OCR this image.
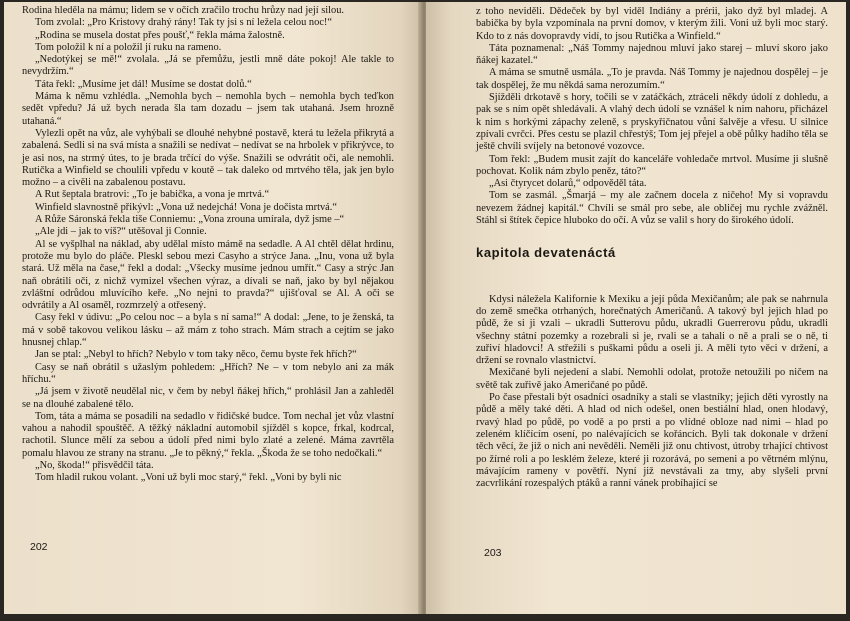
Rodina hleděla na mámu; lidem se v očích zračilo trochu hrůzy nad její silou.

Tom zvolal: „Pro Kristovy drahý rány! Tak ty jsi s ní ležela celou noc!“

„Rodina se musela dostat přes poušť,“ řekla máma žalostně.

Tom položil k ní a položil jí ruku na rameno.

„Nedotýkej se mě!“ zvolala. „Já se přemůžu, jestli mně dáte pokoj! Ale takle to nevydržím.“

Táta řekl: „Musíme jet dál! Musíme se dostat dolů.“

Máma k němu vzhlédla. „Nemohla bych – nemohla bych – nemohla bych teďkon sedět vpředu? Já už bych nerada šla tam dozadu – jsem tak utahaná. Jsem hrozně utahaná.“

Vylezli opět na vůz, ale vyhýbali se dlouhé nehybné postavě, která tu ležela přikrytá a zabalená. Sedli si na svá místa a snažili se nedívat – nedívat se na hrbolek v přikrývce, to je asi nos, na strmý útes, to je brada trčící do výše. Snažili se odvrátit oči, ale nemohli. Rutička a Winfield se choulili vpředu v koutě – tak daleko od mrtvého těla, jak jen bylo možno – a civěli na zabalenou postavu.

A Rut šeptala bratrovi: „To je babička, a vona je mrtvá.“

Winfield slavnostně přikývl: „Vona už nedejchá! Vona je dočista mrtvá.“

A Růže Sáronská řekla tiše Conniemu: „Vona zrouna umírala, dyž jsme –“

„Ale jdi – jak to víš?“ utěšoval ji Connie.

Al se vyšplhal na náklad, aby udělal místo mámě na sedadle. A Al chtěl dělat hrdinu, protože mu bylo do pláče. Pleskl sebou mezi Casyho a strýce Jana. „Inu, vona už byla stará. Už měla na čase,“ řekl a dodal: „Všecky musíme jednou umřít.“ Casy a strýc Jan naň obrátili oči, z nichž vymizel všechen výraz, a dívali se naň, jako by byl nějakou zvláštní odrůdou mluvícího keře. „No nejni to pravda?“ ujišťoval se Al. A oči se odvrátily a Al osaměl, rozmrzelý a otřesený.

Casy řekl v údivu: „Po celou noc – a byla s ní sama!“ A dodal: „Jene, to je ženská, ta má v sobě takovou velikou lásku – až mám z toho strach. Mám strach a cejtím se jako hnusnej chlap.“

Jan se ptal: „Nebyl to hřích? Nebylo v tom taky něco, čemu byste řek hřích?“

Casy se naň obrátil s užaslým pohledem: „Hřích? Ne – v tom nebylo ani za mák hříchu.“

„Já jsem v životě neudělal nic, v čem by nebyl ňákej hřích,“ prohlásil Jan a zahleděl se na dlouhé zabalené tělo.

Tom, táta a máma se posadili na sedadlo v řidičské budce. Tom nechal jet vůz vlastní vahou a nahodil spouštěč. A těžký nákladní automobil sjížděl s kopce, frkal, kodrcal, rachotil. Slunce mělí za sebou a údolí před nimi bylo zlaté a zelené. Máma zavrtěla pomalu hlavou ze strany na stranu. „Je to pěkný,“ řekla. „Škoda že se toho nedočkali.“

„No, škoda!“ přisvědčil táta.

Tom hladil rukou volant. „Voni už byli moc starý,“ řekl. „Voni by byli nic

202

z toho neviděli. Dědeček by byl viděl Indiány a prérii, jako dyž byl mladej. A babička by byla vzpomínala na první domov, v kterým žili. Voni už byli moc starý. Kdo to z nás dovopravdy vidí, to jsou Rutička a Winfield.“

Táta poznamenal: „Náš Tommy najednou mluví jako starej – mluví skoro jako ňákej kazatel.“

A máma se smutně usmála. „To je pravda. Náš Tommy je najednou dospělej – je tak dospělej, že mu někdá sama nerozumím.“

Sjížděli drkotavě s hory, točili se v zatáčkách, ztráceli někdy údolí z dohledu, a pak se s ním opět shledávali. A vlahý dech údolí se vznášel k nim nahoru, přicházel k nim s horkými zápachy zeleně, s pryskyřičnatou vůní šalvěje a vřesu. U silnice zpívali cvrčci. Přes cestu se plazil chřestýš; Tom jej přejel a obě půlky hadího těla se ještě chvíli svíjely na betonové vozovce.

Tom řekl: „Budem musit zajít do kanceláře vohledače mrtvol. Musíme ji slušně pochovat. Kolik nám zbylo peněz, táto?“

„Asi čtyrycet dolarů,“ odpověděl táta.

Tom se zasmál. „Šmarjá – my ale začnem docela z ničeho! My si vopravdu nevezem žádnej kapitál.“ Chvíli se smál pro sebe, ale obličej mu rychle zvážněl. Stáhl si štítek čepice hluboko do očí. A vůz se valil s hory do širokého údolí.

kapitola devatenáctá

Kdysi náležela Kalifornie k Mexiku a její půda Mexičanům; ale pak se nahrnula do země smečka otrhaných, horečnatých Američanů. A takový byl jejich hlad po půdě, že si ji vzali – ukradli Sutterovu půdu, ukradli Guerrerovu půdu, ukradli všechny státní pozemky a rozebrali si je, rvali se a tahali o ně a prali se o ně, ti zuřiví hladovci! A střežili s puškami půdu a oseli ji. A měli tyto věci v držení, a držení se rovnalo vlastnictví.

Mexičané byli nejedení a slabí. Nemohli odolat, protože netoužili po ničem na světě tak zuřivě jako Američané po půdě.

Po čase přestali být osadníci osadníky a stali se vlastníky; jejich děti vyrostly na půdě a měly také děti. A hlad od nich odešel, onen bestiální hlad, onen hlodavý, rvavý hlad po půdě, po vodě a po prsti a po vlídné obloze nad nimi – hlad po zeleném klíčícím osení, po nalévajících se kořáncích. Byli tak dokonale v držení těch věcí, že již o nich ani nevěděli. Neměli již onu chtivost, útroby trhající chtivost po žírné roli a po lesklém železe, které ji rozorává, po semeni a po větrném mlýnu, mávajícím rameny v povětří. Nyní již nevstávali za tmy, aby slyšeli první zacvrlikání rozespalých ptáků a ranní vánek probíhající se

203
